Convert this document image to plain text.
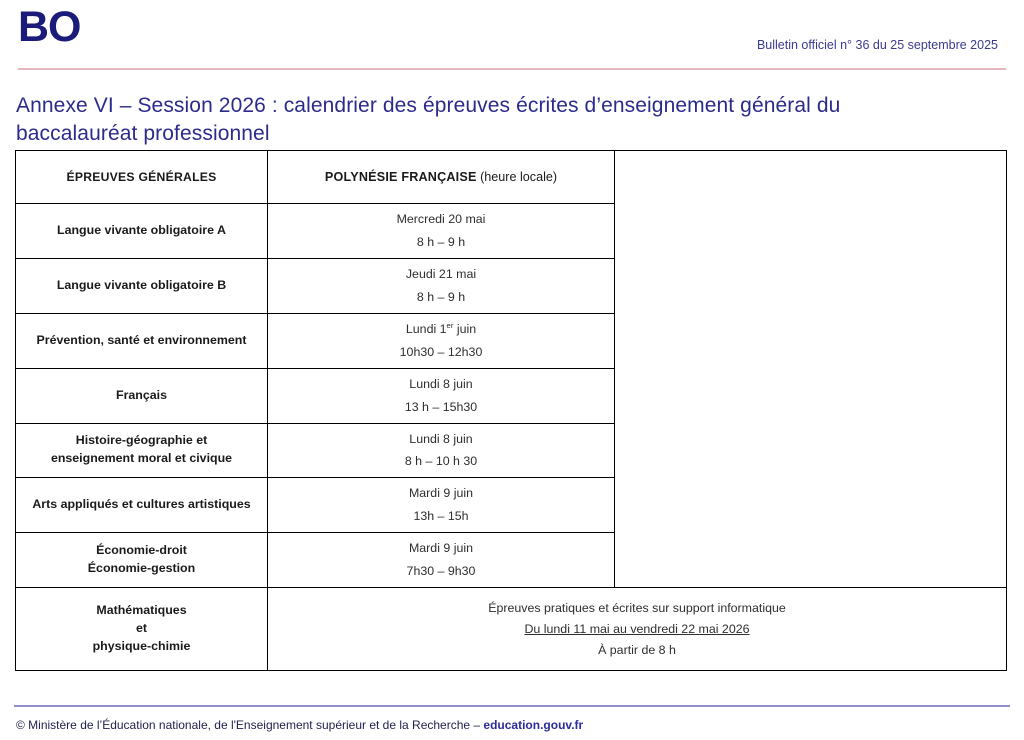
BO	Bulletin officiel n° 36 du 25 septembre 2025
Annexe VI – Session 2026 : calendrier des épreuves écrites d’enseignement général du baccalauréat professionnel
ÉPREUVES GÉNÉRALES	POLYNÉSIE FRANÇAISE (heure locale)	

Langue vivante obligatoire A	Mercredi 20 mai
8 h – 9 h	

Langue vivante obligatoire B	Jeudi 21 mai
8 h – 9 h	

Prévention, santé et environnement	Lundi 1er juin
10h30 – 12h30	

Français	Lundi 8 juin
13 h – 15h30	

Histoire-géographie et
enseignement moral et civique	Lundi 8 juin
8 h – 10 h 30	

Arts appliqués et cultures artistiques	Mardi 9 juin
13h – 15h	

Économie-droit
Économie-gestion	Mardi 9 juin
7h30 – 9h30	

Mathématiques
et
physique-chimie	Épreuves pratiques et écrites sur support informatique
Du lundi 11 mai au vendredi 22 mai 2026
À partir de 8 h	
© Ministère de l’Éducation nationale, de l'Enseignement supérieur et de la Recherche – education.gouv.fr
